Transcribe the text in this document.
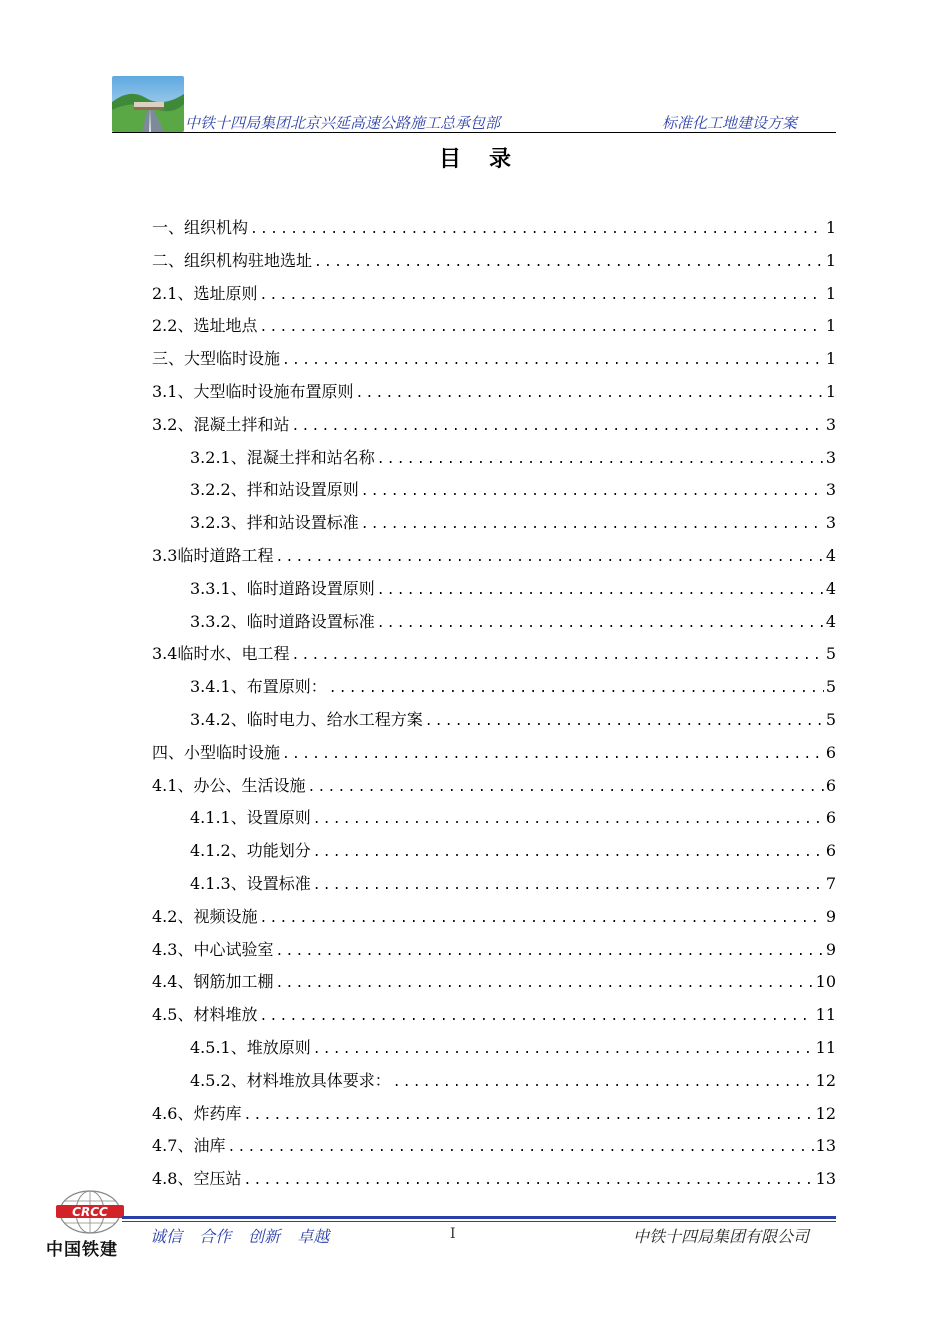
中铁十四局集团北京兴延高速公路施工总承包部	标准化工地建设方案
目录
一、组织机构 .....	1
二、组织机构驻地选址 .....	1
2.1、选址原则 .....	1
2.2、选址地点 .....	1
三、大型临时设施 .....	1
3.1、大型临时设施布置原则 .....	1
3.2、混凝土拌和站 .....	3
3.2.1、混凝土拌和站名称 .....	3
3.2.2、拌和站设置原则 .....	3
3.2.3、拌和站设置标准 .....	3
3.3临时道路工程 .....	4
3.3.1、临时道路设置原则 .....	4
3.3.2、临时道路设置标准 .....	4
3.4临时水、电工程 .....	5
3.4.1、布置原则： .....	5
3.4.2、临时电力、给水工程方案 .....	5
四、小型临时设施 .....	6
4.1、办公、生活设施 .....	6
4.1.1、设置原则 .....	6
4.1.2、功能划分 .....	6
4.1.3、设置标准 .....	7
4.2、视频设施 .....	9
4.3、中心试验室 .....	9
4.4、钢筋加工棚 .....	10
4.5、材料堆放 .....	11
4.5.1、堆放原则 .....	11
4.5.2、材料堆放具体要求： .....	12
4.6、炸药库 .....	12
4.7、油库 .....	13
4.8、空压站 .....	13
CRCC
中国铁建
诚信 合作 创新 卓越	I	中铁十四局集团有限公司
